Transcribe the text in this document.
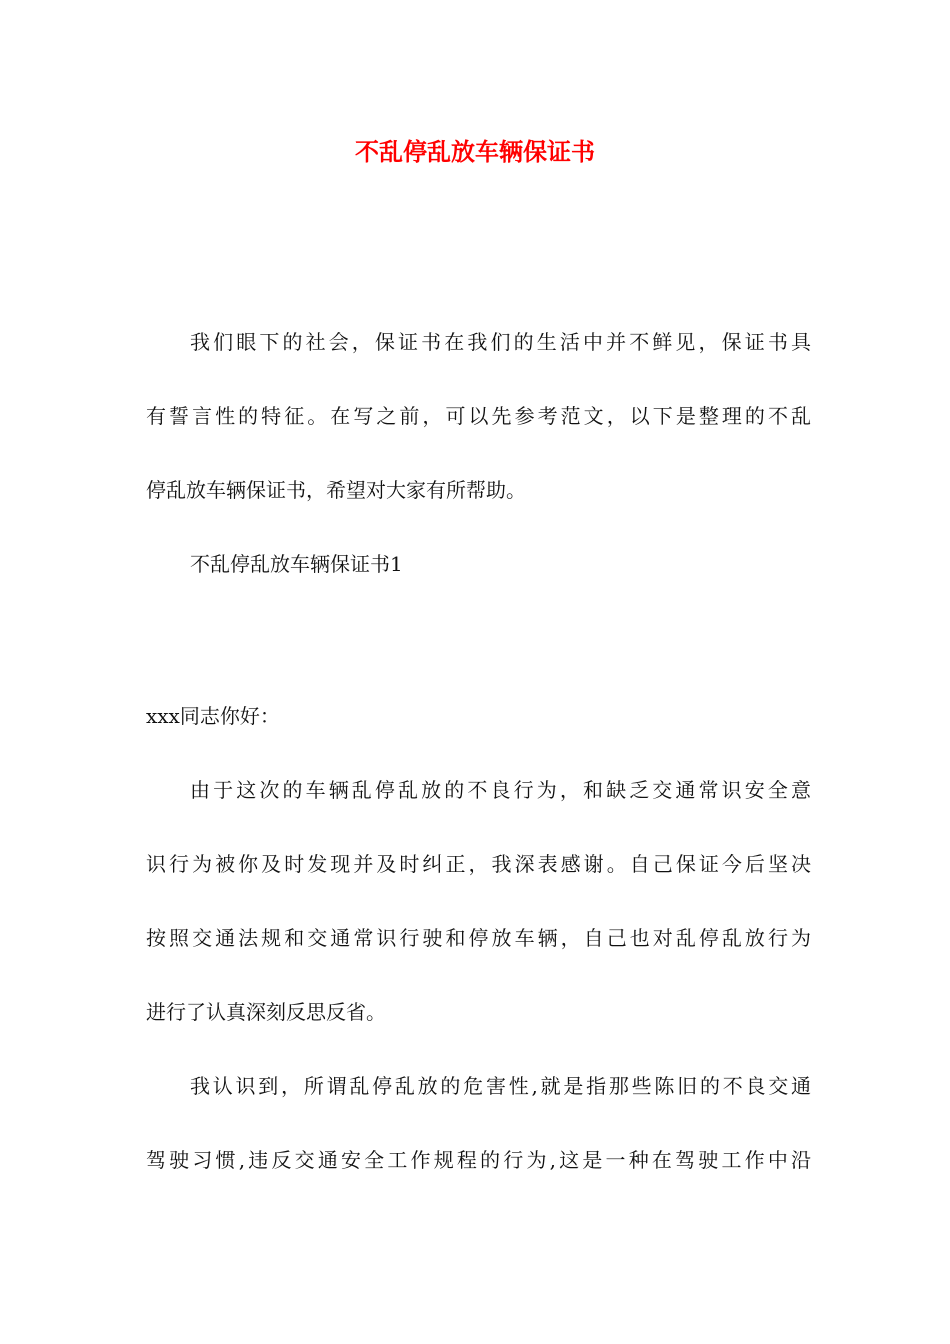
不乱停乱放车辆保证书

我们眼下的社会，保证书在我们的生活中并不鲜见，保证书具

有誓言性的特征。在写之前，可以先参考范文，以下是整理的不乱

停乱放车辆保证书，希望对大家有所帮助。

不乱停乱放车辆保证书1

xxx同志你好：

由于这次的车辆乱停乱放的不良行为，和缺乏交通常识安全意

识行为被你及时发现并及时纠正，我深表感谢。自己保证今后坚决

按照交通法规和交通常识行驶和停放车辆，自己也对乱停乱放行为

进行了认真深刻反思反省。

我认识到，所谓乱停乱放的危害性,就是指那些陈旧的不良交通

驾驶习惯,违反交通安全工作规程的行为,这是一种在驾驶工作中沿
